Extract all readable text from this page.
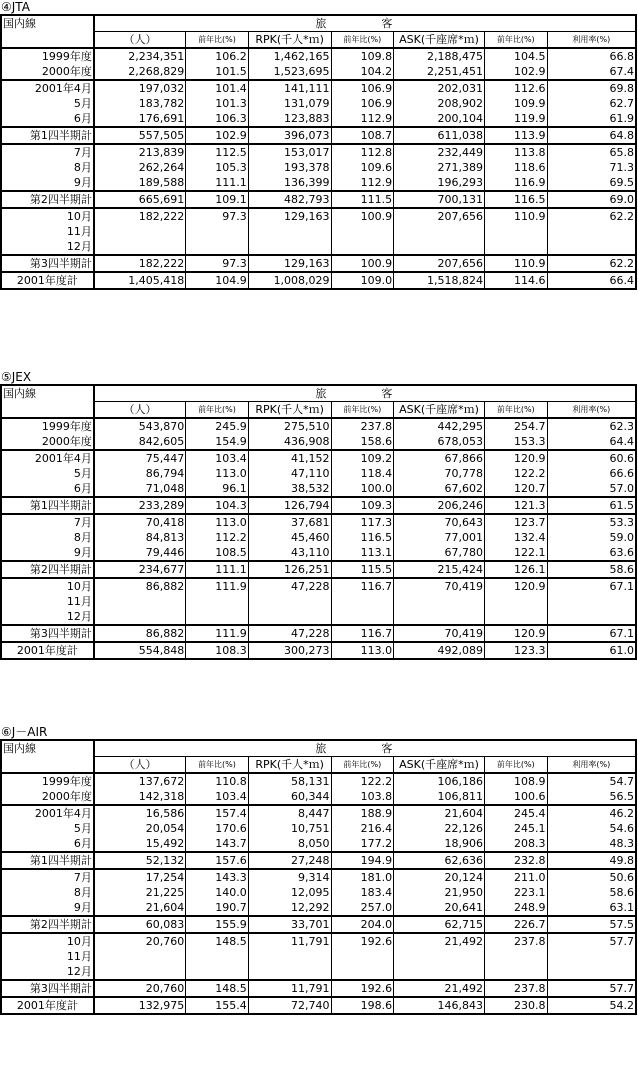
④JTA
国内線	旅　客						
	（人）	前年比(%)	RPK(千人*ｍ)	前年比(%)	ASK(千座席*ｍ)	前年比(%)	利用率(%)
1999年度	2,234,351	106.2	1,462,165	109.8	2,188,475	104.5	66.8
2000年度	2,268,829	101.5	1,523,695	104.2	2,251,451	102.9	67.4
2001年4月	197,032	101.4	141,111	106.9	202,031	112.6	69.8
5月	183,782	101.3	131,079	106.9	208,902	109.9	62.7
6月	176,691	106.3	123,883	112.9	200,104	119.9	61.9
第1四半期計	557,505	102.9	396,073	108.7	611,038	113.9	64.8
7月	213,839	112.5	153,017	112.8	232,449	113.8	65.8
8月	262,264	105.3	193,378	109.6	271,389	118.6	71.3
9月	189,588	111.1	136,399	112.9	196,293	116.9	69.5
第2四半期計	665,691	109.1	482,793	111.5	700,131	116.5	69.0
10月	182,222	97.3	129,163	100.9	207,656	110.9	62.2
11月							
12月							
第3四半期計	182,222	97.3	129,163	100.9	207,656	110.9	62.2
2001年度計	1,405,418	104.9	1,008,029	109.0	1,518,824	114.6	66.4
⑤JEX
国内線	旅　客						
	（人）	前年比(%)	RPK(千人*ｍ)	前年比(%)	ASK(千座席*ｍ)	前年比(%)	利用率(%)
1999年度	543,870	245.9	275,510	237.8	442,295	254.7	62.3
2000年度	842,605	154.9	436,908	158.6	678,053	153.3	64.4
2001年4月	75,447	103.4	41,152	109.2	67,866	120.9	60.6
5月	86,794	113.0	47,110	118.4	70,778	122.2	66.6
6月	71,048	96.1	38,532	100.0	67,602	120.7	57.0
第1四半期計	233,289	104.3	126,794	109.3	206,246	121.3	61.5
7月	70,418	113.0	37,681	117.3	70,643	123.7	53.3
8月	84,813	112.2	45,460	116.5	77,001	132.4	59.0
9月	79,446	108.5	43,110	113.1	67,780	122.1	63.6
第2四半期計	234,677	111.1	126,251	115.5	215,424	126.1	58.6
10月	86,882	111.9	47,228	116.7	70,419	120.9	67.1
11月							
12月							
第3四半期計	86,882	111.9	47,228	116.7	70,419	120.9	67.1
2001年度計	554,848	108.3	300,273	113.0	492,089	123.3	61.0
⑥J－AIR
国内線	旅　客						
	（人）	前年比(%)	RPK(千人*ｍ)	前年比(%)	ASK(千座席*ｍ)	前年比(%)	利用率(%)
1999年度	137,672	110.8	58,131	122.2	106,186	108.9	54.7
2000年度	142,318	103.4	60,344	103.8	106,811	100.6	56.5
2001年4月	16,586	157.4	8,447	188.9	21,604	245.4	46.2
5月	20,054	170.6	10,751	216.4	22,126	245.1	54.6
6月	15,492	143.7	8,050	177.2	18,906	208.3	48.3
第1四半期計	52,132	157.6	27,248	194.9	62,636	232.8	49.8
7月	17,254	143.3	9,314	181.0	20,124	211.0	50.6
8月	21,225	140.0	12,095	183.4	21,950	223.1	58.6
9月	21,604	190.7	12,292	257.0	20,641	248.9	63.1
第2四半期計	60,083	155.9	33,701	204.0	62,715	226.7	57.5
10月	20,760	148.5	11,791	192.6	21,492	237.8	57.7
11月							
12月							
第3四半期計	20,760	148.5	11,791	192.6	21,492	237.8	57.7
2001年度計	132,975	155.4	72,740	198.6	146,843	230.8	54.2
